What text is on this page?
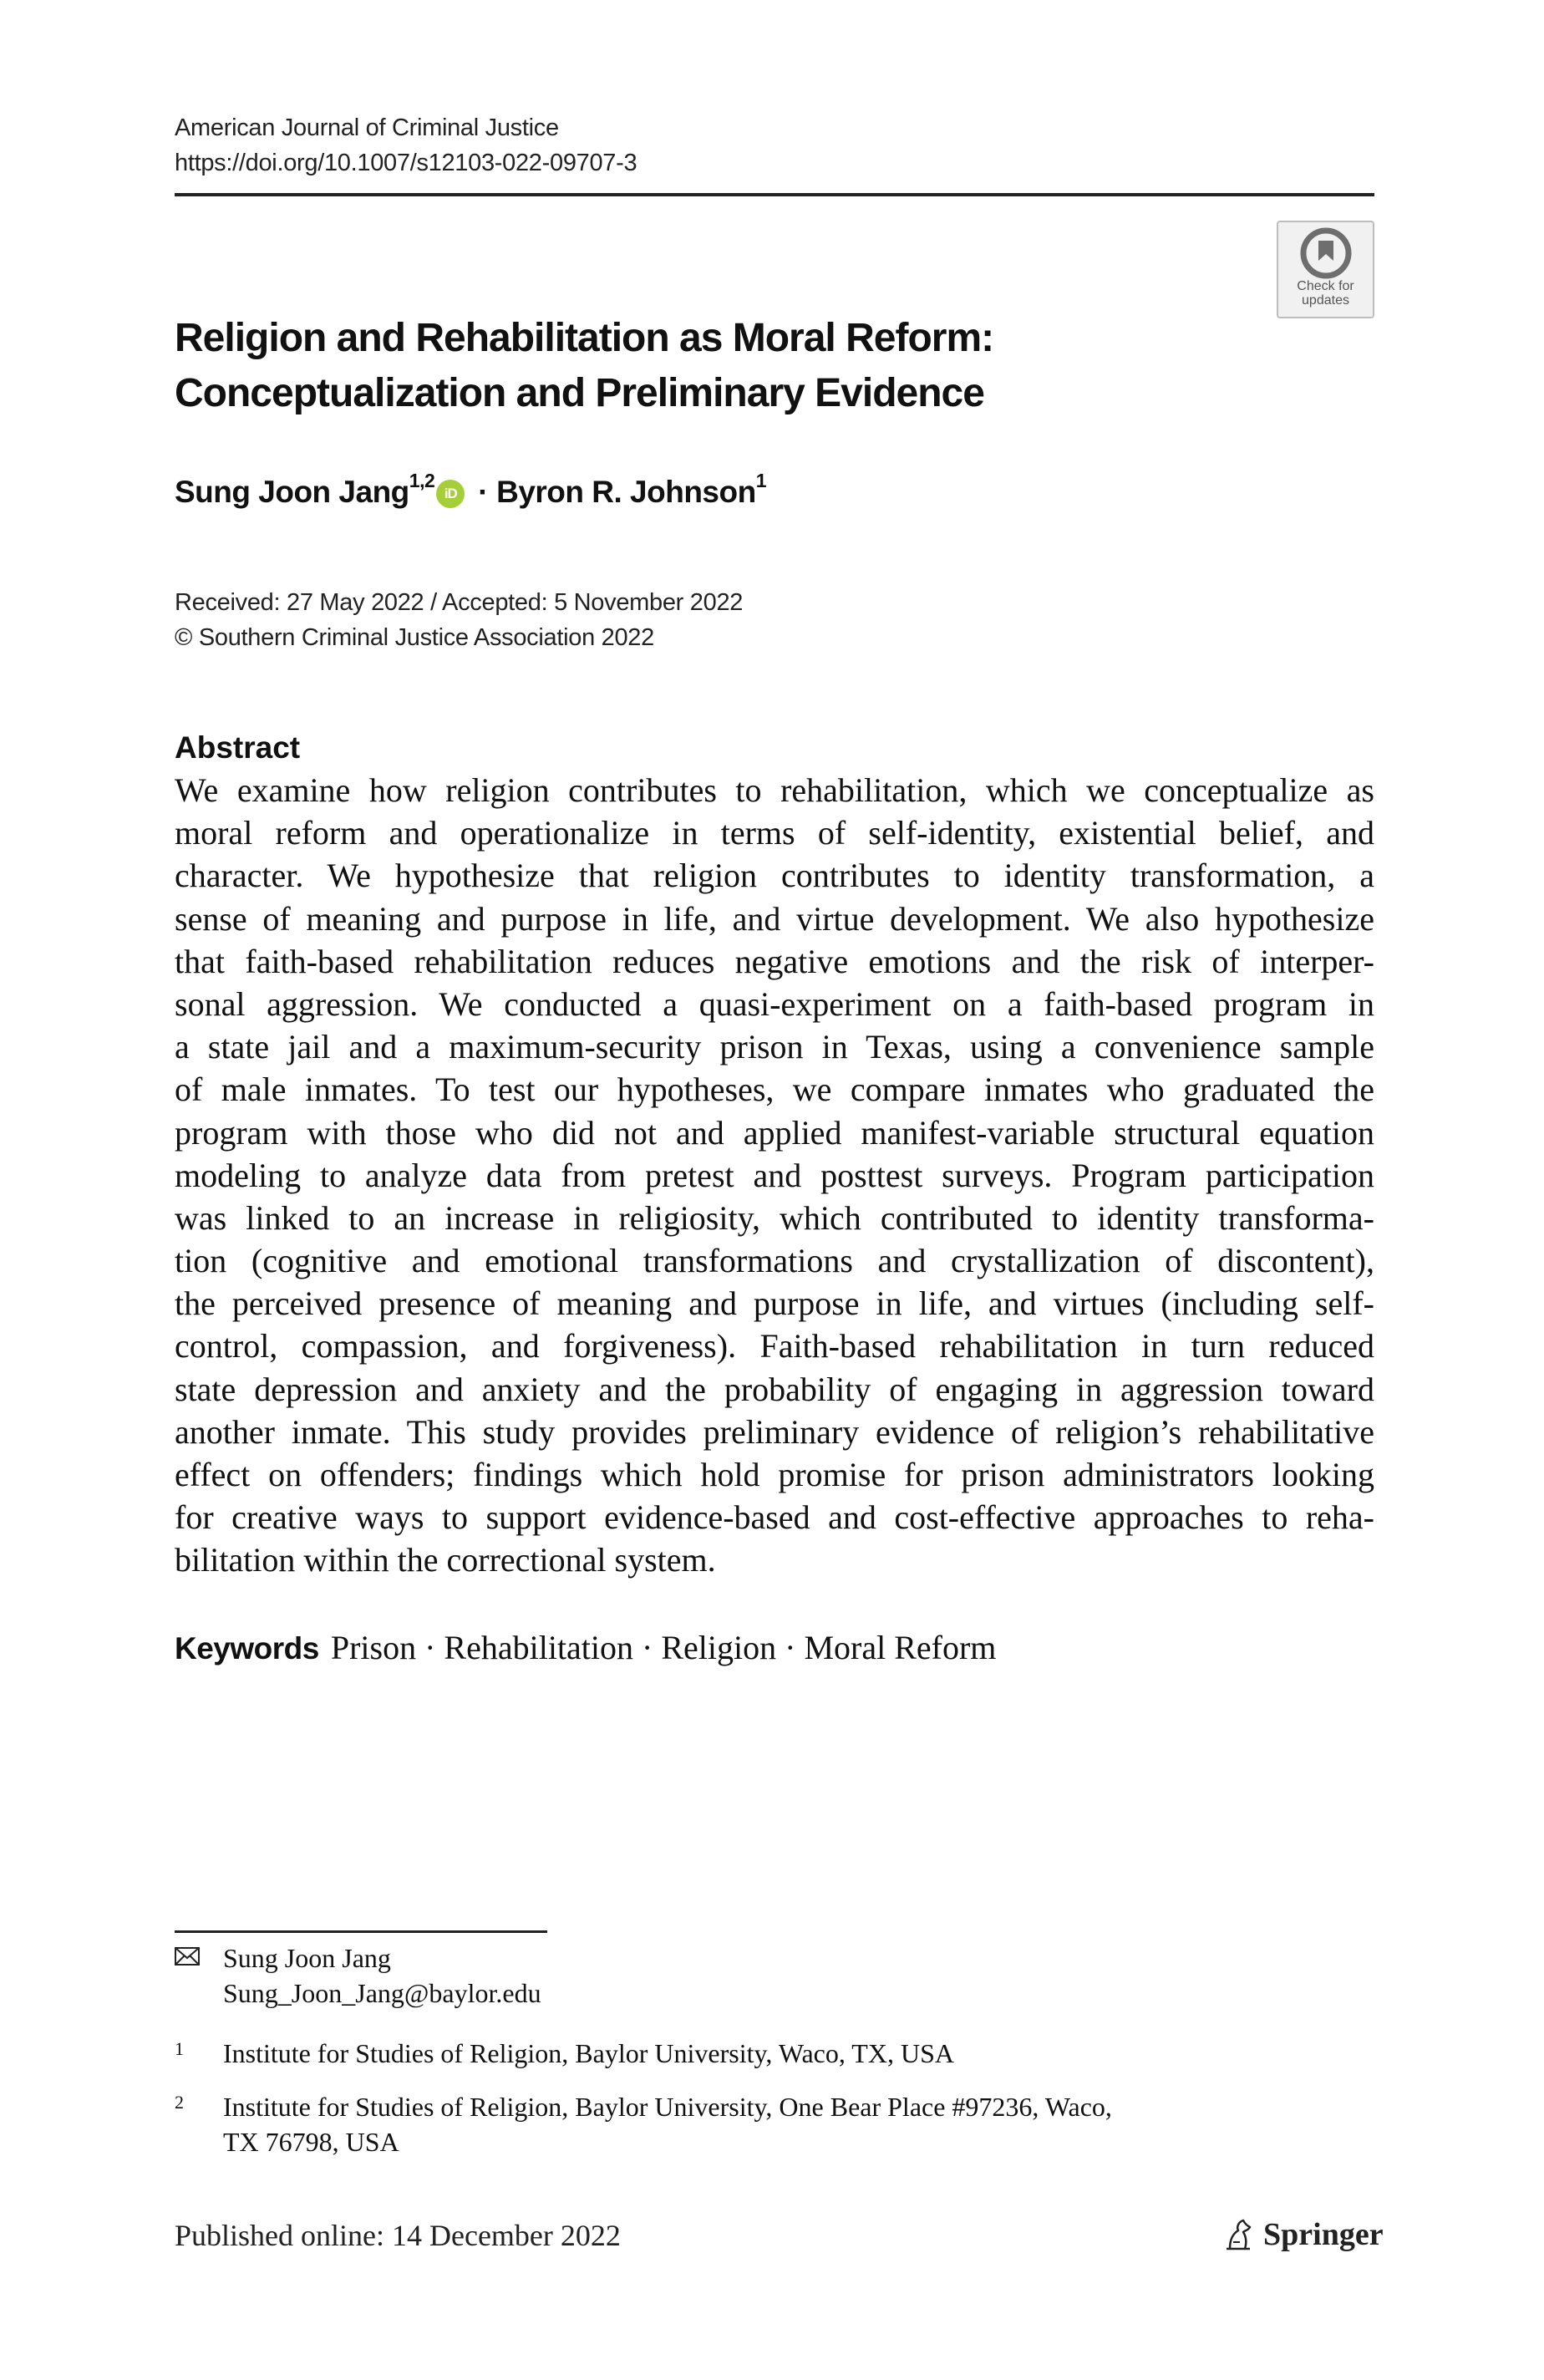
American Journal of Criminal Justice
https://doi.org/10.1007/s12103-022-09707-3
Check for
updates
Religion and Rehabilitation as Moral Reform:
Conceptualization and Preliminary Evidence
Sung Joon Jang$^{1,2}$
iD · Byron R. Johnson$^1$
Received: 27 May 2022 / Accepted: 5 November 2022
© Southern Criminal Justice Association 2022
Abstract
We examine how religion contributes to rehabilitation, which we conceptualize as
moral reform and operationalize in terms of self-identity, existential belief, and
character. We hypothesize that religion contributes to identity transformation, a
sense of meaning and purpose in life, and virtue development. We also hypothesize
that faith-based rehabilitation reduces negative emotions and the risk of interper-
sonal aggression. We conducted a quasi-experiment on a faith-based program in
a state jail and a maximum-security prison in Texas, using a convenience sample
of male inmates. To test our hypotheses, we compare inmates who graduated the
program with those who did not and applied manifest-variable structural equation
modeling to analyze data from pretest and posttest surveys. Program participation
was linked to an increase in religiosity, which contributed to identity transforma-
tion (cognitive and emotional transformations and crystallization of discontent),
the perceived presence of meaning and purpose in life, and virtues (including self-
control, compassion, and forgiveness). Faith-based rehabilitation in turn reduced
state depression and anxiety and the probability of engaging in aggression toward
another inmate. This study provides preliminary evidence of religion’s rehabilitative
effect on offenders; findings which hold promise for prison administrators looking
for creative ways to support evidence-based and cost-effective approaches to reha-
bilitation within the correctional system.
Keywords Prison · Rehabilitation · Religion · Moral Reform
Sung Joon Jang
Sung_Joon_Jang@baylor.edu
1 Institute for Studies of Religion, Baylor University, Waco, TX, USA
2 Institute for Studies of Religion, Baylor University, One Bear Place #97236, Waco,
TX 76798, USA
Published online: 14 December 2022	Springer
